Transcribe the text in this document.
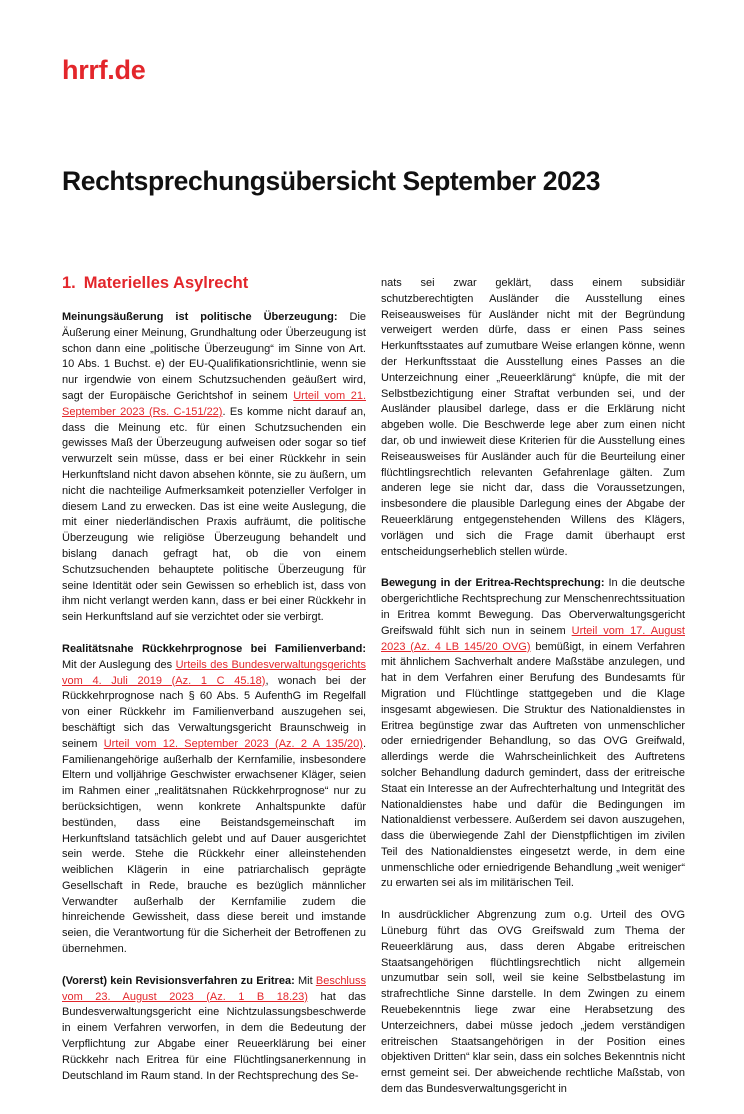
hrrf.de
Rechtsprechungsübersicht September 2023
1. Materielles Asylrecht

Meinungsäußerung ist politische Überzeugung: Die Äußerung einer Meinung, Grundhaltung oder Überzeugung ist schon dann eine „politische Überzeugung“ im Sinne von Art. 10 Abs. 1 Buchst. e) der EU-Qualifikationsrichtlinie, wenn sie nur irgendwie von einem Schutzsuchenden geäußert wird, sagt der Europäische Gerichtshof in seinem Urteil vom 21. September 2023 (Rs. C-151/22). Es komme nicht darauf an, dass die Meinung etc. für einen Schutzsuchenden ein gewisses Maß der Überzeugung aufweisen oder sogar so tief verwurzelt sein müsse, dass er bei einer Rückkehr in sein Herkunftsland nicht davon absehen könnte, sie zu äußern, um nicht die nachteilige Aufmerksamkeit potenzieller Verfolger in diesem Land zu erwecken. Das ist eine weite Auslegung, die mit einer niederländischen Praxis aufräumt, die politische Überzeugung wie religiöse Überzeugung behandelt und bislang danach gefragt hat, ob die von einem Schutzsuchenden behauptete politische Überzeugung für seine Identität oder sein Gewissen so erheblich ist, dass von ihm nicht verlangt werden kann, dass er bei einer Rückkehr in sein Herkunftsland auf sie verzichtet oder sie verbirgt.

Realitätsnahe Rückkehrprognose bei Familienverband: Mit der Auslegung des Urteils des Bundesverwaltungsgerichts vom 4. Juli 2019 (Az. 1 C 45.18), wonach bei der Rückkehrprognose nach § 60 Abs. 5 AufenthG im Regelfall von einer Rückkehr im Familienverband auszugehen sei, beschäftigt sich das Verwaltungsgericht Braunschweig in seinem Urteil vom 12. September 2023 (Az. 2 A 135/20). Familienangehörige außerhalb der Kernfamilie, insbesondere Eltern und volljährige Geschwister erwachsener Kläger, seien im Rahmen einer „realitätsnahen Rückkehrprognose“ nur zu berücksichtigen, wenn konkrete Anhaltspunkte dafür bestünden, dass eine Beistandsgemeinschaft im Herkunftsland tatsächlich gelebt und auf Dauer ausgerichtet sein werde. Stehe die Rückkehr einer alleinstehenden weiblichen Klägerin in eine patriarchalisch geprägte Gesellschaft in Rede, brauche es bezüglich männlicher Verwandter außerhalb der Kernfamilie zudem die hinreichende Gewissheit, dass diese bereit und imstande seien, die Verantwortung für die Sicherheit der Betroffenen zu übernehmen.

(Vorerst) kein Revisionsverfahren zu Eritrea: Mit Beschluss vom 23. August 2023 (Az. 1 B 18.23) hat das Bundesverwaltungsgericht eine Nichtzulassungsbeschwerde in einem Verfahren verworfen, in dem die Bedeutung der Verpflichtung zur Abgabe einer Reueerklärung bei einer Rückkehr nach Eritrea für eine Flüchtlingsanerkennung in Deutschland im Raum stand. In der Rechtsprechung des Se-

nats sei zwar geklärt, dass einem subsidiär schutzberechtigten Ausländer die Ausstellung eines Reiseausweises für Ausländer nicht mit der Begründung verweigert werden dürfe, dass er einen Pass seines Herkunftsstaates auf zumutbare Weise erlangen könne, wenn der Herkunftsstaat die Ausstellung eines Passes an die Unterzeichnung einer „Reueerklärung“ knüpfe, die mit der Selbstbezichtigung einer Straftat verbunden sei, und der Ausländer plausibel darlege, dass er die Erklärung nicht abgeben wolle. Die Beschwerde lege aber zum einen nicht dar, ob und inwieweit diese Kriterien für die Ausstellung eines Reiseausweises für Ausländer auch für die Beurteilung einer flüchtlingsrechtlich relevanten Gefahrenlage gälten. Zum anderen lege sie nicht dar, dass die Voraussetzungen, insbesondere die plausible Darlegung eines der Abgabe der Reueerklärung entgegenstehenden Willens des Klägers, vorlägen und sich die Frage damit überhaupt erst entscheidungserheblich stellen würde.

Bewegung in der Eritrea-Rechtsprechung: In die deutsche obergerichtliche Rechtsprechung zur Menschenrechtssituation in Eritrea kommt Bewegung. Das Oberverwaltungsgericht Greifswald fühlt sich nun in seinem Urteil vom 17. August 2023 (Az. 4 LB 145/20 OVG) bemüßigt, in einem Verfahren mit ähnlichem Sachverhalt andere Maßstäbe anzulegen, und hat in dem Verfahren einer Berufung des Bundesamts für Migration und Flüchtlinge stattgegeben und die Klage insgesamt abgewiesen. Die Struktur des Nationaldienstes in Eritrea begünstige zwar das Auftreten von unmenschlicher oder erniedrigender Behandlung, so das OVG Greifwald, allerdings werde die Wahrscheinlichkeit des Auftretens solcher Behandlung dadurch gemindert, dass der eritreische Staat ein Interesse an der Aufrechterhaltung und Integrität des Nationaldienstes habe und dafür die Bedingungen im Nationaldienst verbessere. Außerdem sei davon auszugehen, dass die überwiegende Zahl der Dienstpflichtigen im zivilen Teil des Nationaldienstes eingesetzt werde, in dem eine unmenschliche oder erniedrigende Behandlung „weit weniger“ zu erwarten sei als im militärischen Teil.

In ausdrücklicher Abgrenzung zum o.g. Urteil des OVG Lüneburg führt das OVG Greifswald zum Thema der Reueerklärung aus, dass deren Abgabe eritreischen Staatsangehörigen flüchtlingsrechtlich nicht allgemein unzumutbar sein soll, weil sie keine Selbstbelastung im strafrechtliche Sinne darstelle. In dem Zwingen zu einem Reuebekenntnis liege zwar eine Herabsetzung des Unterzeichners, dabei müsse jedoch „jedem verständigen eritreischen Staatsangehörigen in der Position eines objektiven Dritten“ klar sein, dass ein solches Bekenntnis nicht ernst gemeint sei. Der abweichende rechtliche Maßstab, von dem das Bundesverwaltungsgericht in
